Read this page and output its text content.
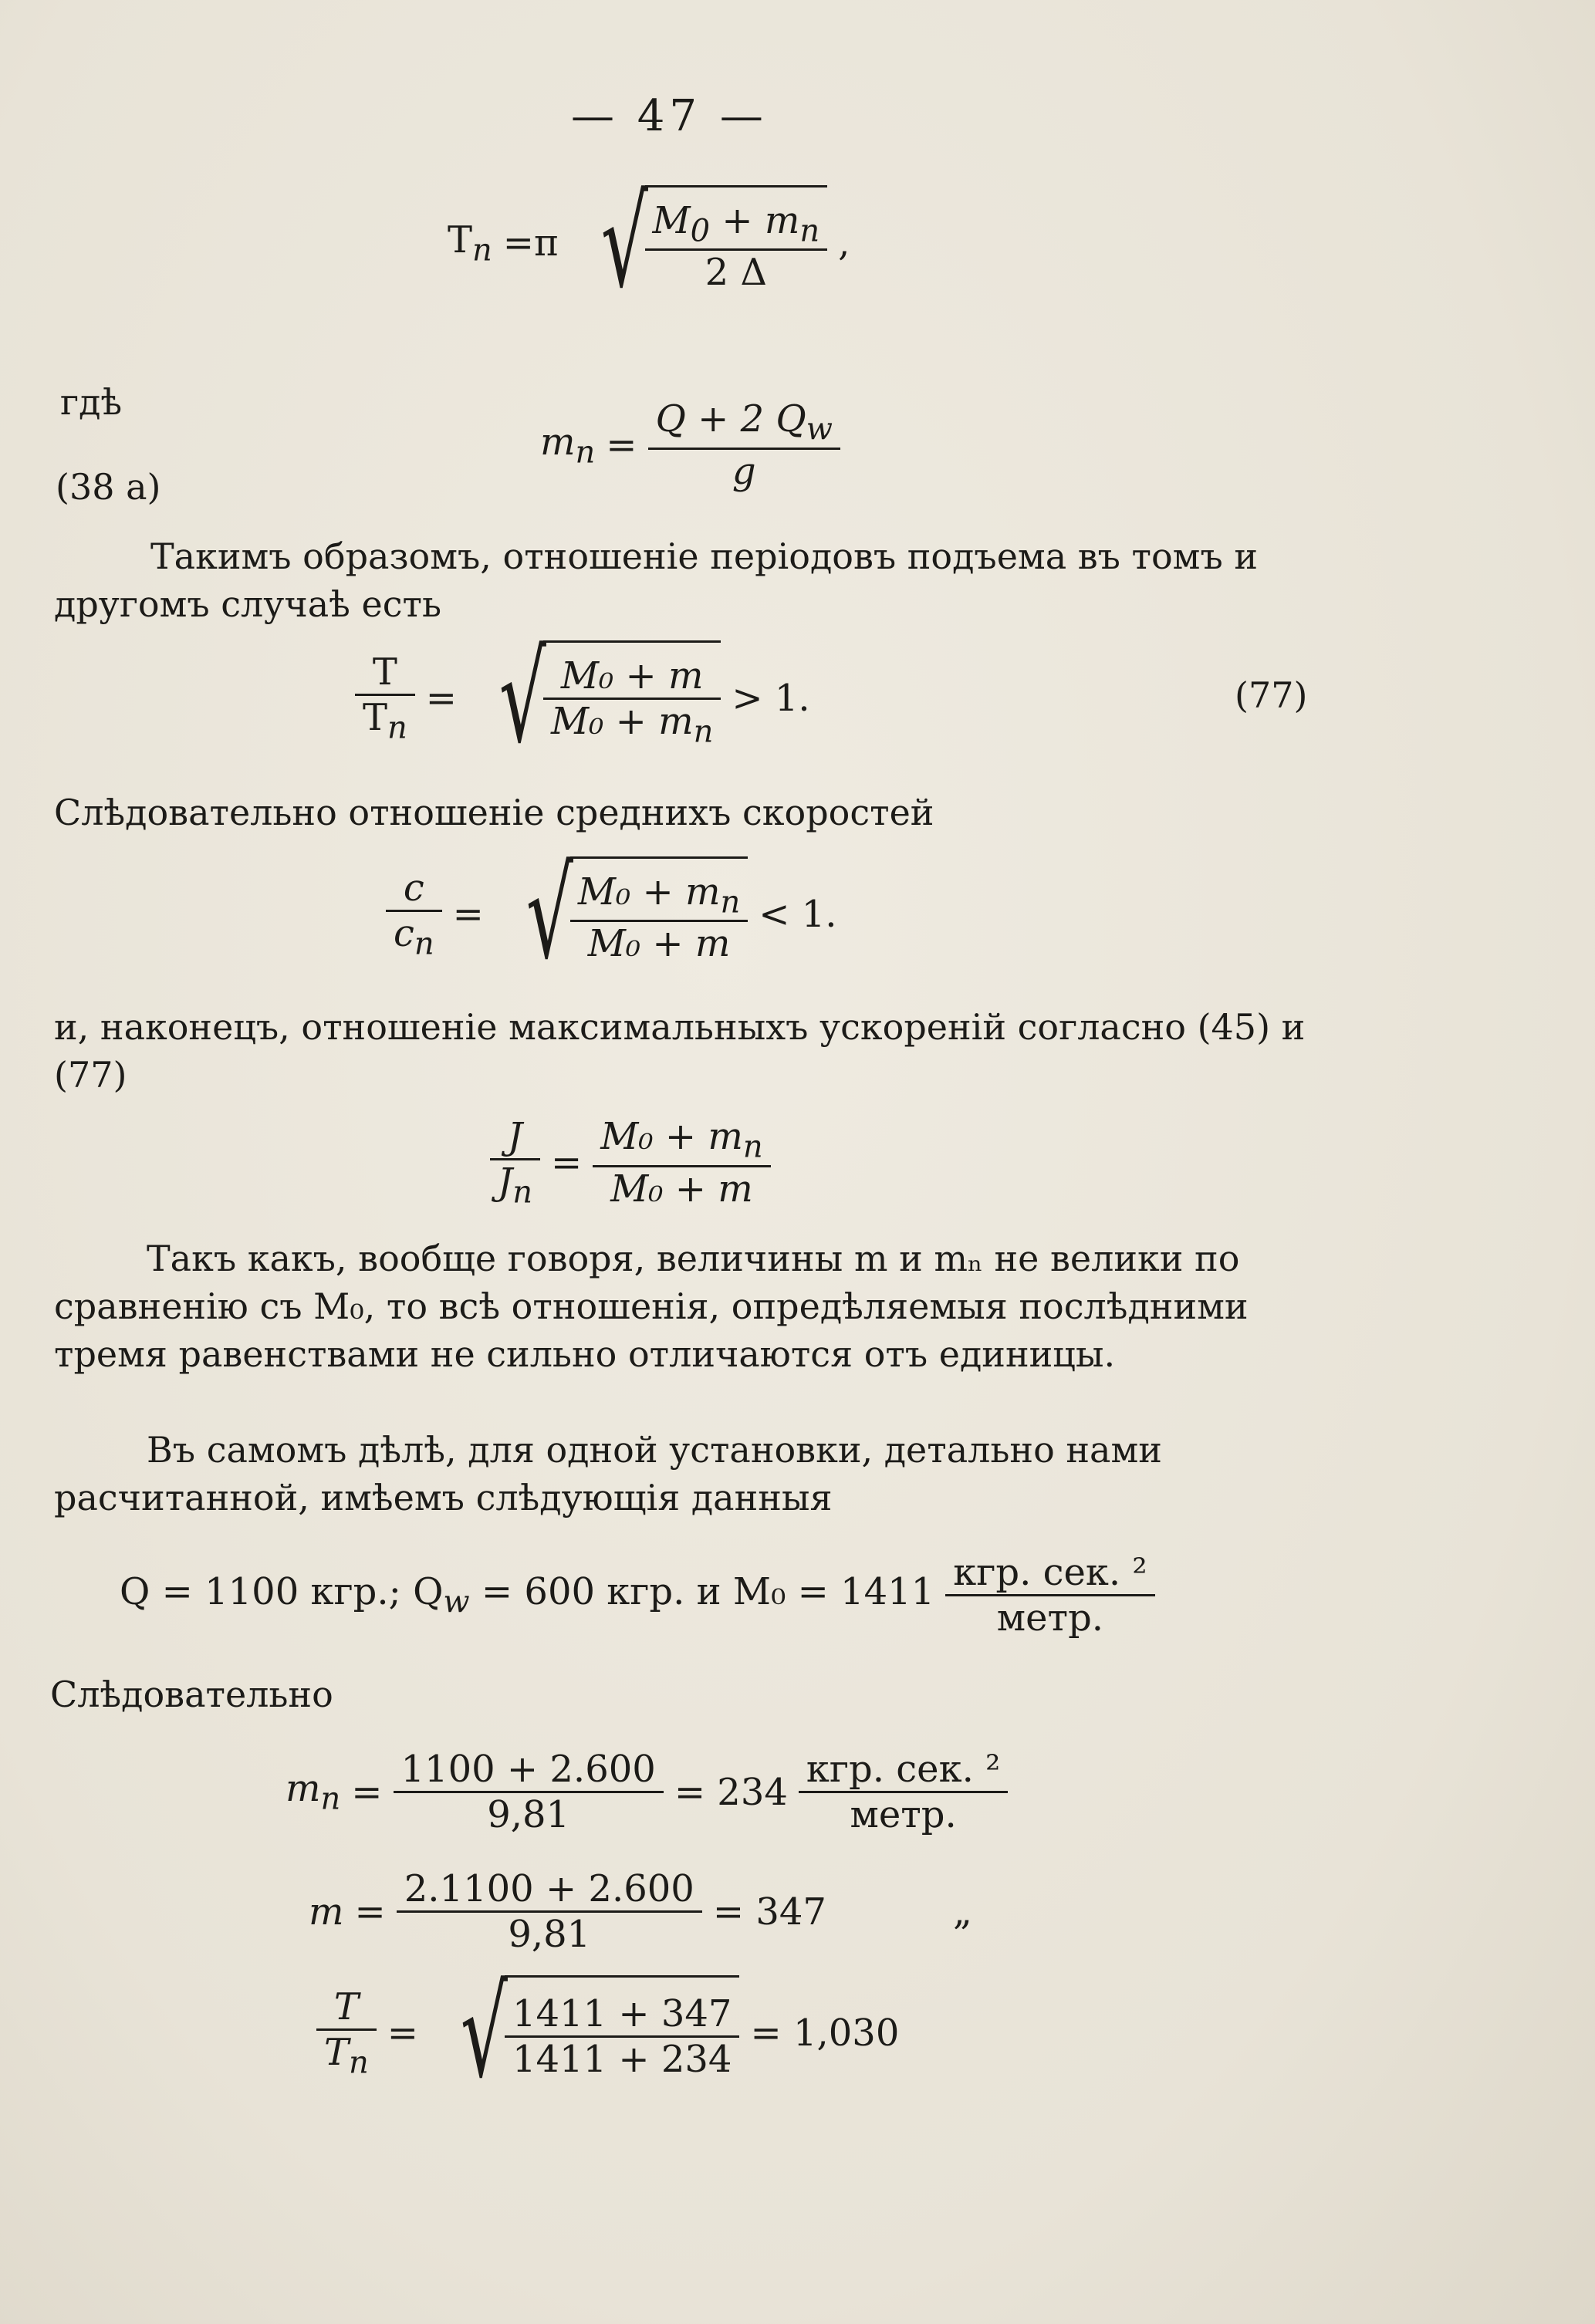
— 47 —
$T_n =\pi$ √
$\frac{M_0 + m_n}{2 \Delta}$ ,
гдѣ
(38 а)
$m_n = \frac{Q + 2 Q_w}{g}$
Такимъ образомъ, отношеніе періодовъ подъема въ томъ и другомъ случаѣ есть
$\frac{T}{T_n}$ = √
$\frac{\text{M₀ + m}}{M_0 + m_n} > 1$.	(77)
Слѣдовательно отношеніе среднихъ скоростей
$\frac{c}{c_n}$ = √
$\frac{M_0 + m_n}{\text{M₀ + m}} < 1$.
и, наконецъ, отношеніе максимальныхъ ускореній согласно (45) и (77)
$\frac{J}{J_n} = \frac{M_0 + m_n}{\text{M₀ + m}}$
Такъ какъ, вообще говоря, величины m и mₙ не велики по сравненію съ M₀, то всѣ отношенія, опредѣляемыя послѣдними тремя равенствами не сильно отличаются отъ единицы.
Въ самомъ дѣлѣ, для одной установки, детально нами расчитанной, имѣемъ слѣдующія данныя
Q = 1100 кгр.; $Q_w = 600$ кгр. и $M_0 = 1411 \frac{\text{кгр. сек. ²}}{\text{метр.}}$
Слѣдовательно
$m_n = \frac{1100 + 2.600}{9,81} = 234 \frac{\text{кгр. сек. ²}}{\text{метр.}}$
$m = \frac{2.1100 + 2.600}{9,81} = 347$	„
$\frac{T}{T_n}$ = √
$\frac{1411 + 347}{1411 + 234} = 1,030$
